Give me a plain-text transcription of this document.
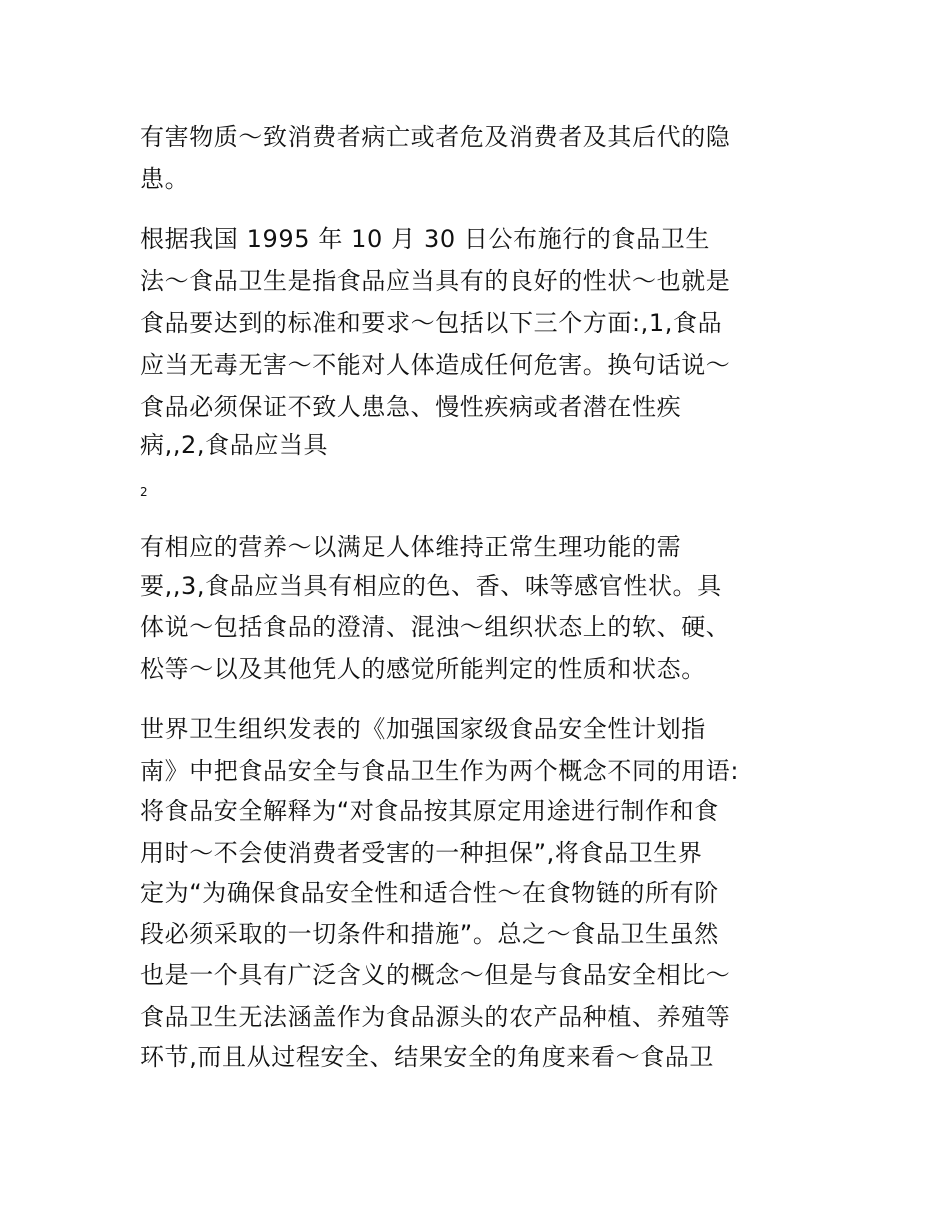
有害物质～致消费者病亡或者危及消费者及其后代的隐

患。

根据我国 1995 年 10 月 30 日公布施行的食品卫生

法～食品卫生是指食品应当具有的良好的性状～也就是

食品要达到的标准和要求～包括以下三个方面:,1,食品

应当无毒无害～不能对人体造成任何危害。换句话说～

食品必须保证不致人患急、慢性疾病或者潜在性疾

病,,2,食品应当具

2

有相应的营养～以满足人体维持正常生理功能的需

要,,3,食品应当具有相应的色、香、味等感官性状。具

体说～包括食品的澄清、混浊～组织状态上的软、硬、

松等～以及其他凭人的感觉所能判定的性质和状态。

世界卫生组织发表的《加强国家级食品安全性计划指

南》中把食品安全与食品卫生作为两个概念不同的用语:

将食品安全解释为“对食品按其原定用途进行制作和食

用时～不会使消费者受害的一种担保”,将食品卫生界

定为“为确保食品安全性和适合性～在食物链的所有阶

段必须采取的一切条件和措施”。总之～食品卫生虽然

也是一个具有广泛含义的概念～但是与食品安全相比～

食品卫生无法涵盖作为食品源头的农产品种植、养殖等

环节,而且从过程安全、结果安全的角度来看～食品卫
